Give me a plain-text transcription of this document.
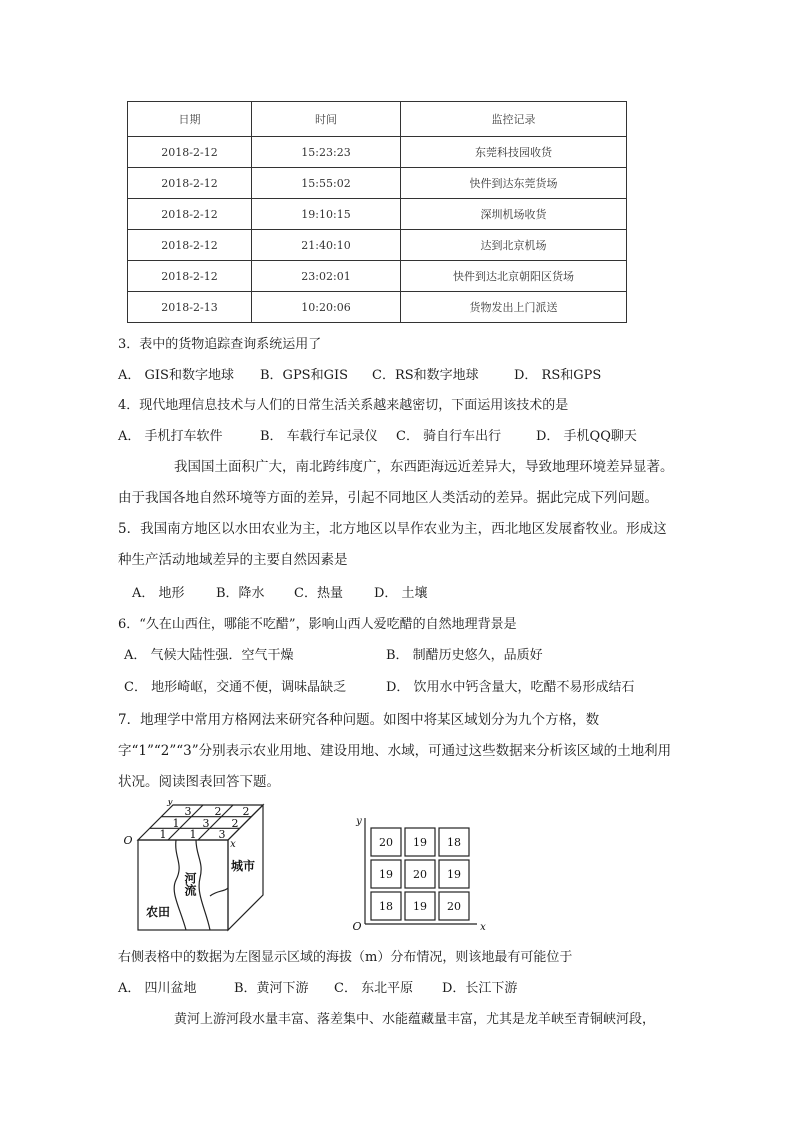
日期	时间	监控记录
2018-2-12	15:23:23	东莞科技园收货
2018-2-12	15:55:02	快件到达东莞货场
2018-2-12	19:10:15	深圳机场收货
2018-2-12	21:40:10	达到北京机场
2018-2-12	23:02:01	快件到达北京朝阳区货场
2018-2-13	10:20:06	货物发出上门派送
3．表中的货物追踪查询系统运用了
A． GIS和数字地球 B．GPS和GIS C．RS和数字地球	D． RS和GPS
4．现代地理信息技术与人们的日常生活关系越来越密切，下面运用该技术的是
A． 手机打车软件	B． 车载行车记录仪 C． 骑自行车出行	D． 手机QQ聊天
我国国土面积广大，南北跨纬度广，东西距海远近差异大，导致地理环境差异显著。由于我国各地自然环境等方面的差异，引起不同地区人类活动的差异。据此完成下列问题。
5．我国南方地区以水田农业为主，北方地区以旱作农业为主，西北地区发展畜牧业。形成这种生产活动地域差异的主要自然因素是
A． 地形 B．降水 C．热量 D． 土壤
6．“久在山西住，哪能不吃醋”，影响山西人爱吃醋的自然地理背景是
A． 气候大陆性强．空气干燥	B． 制醋历史悠久，品质好
C． 地形崎岖，交通不便，调味晶缺乏	D． 饮用水中钙含量大，吃醋不易形成结石
7．地理学中常用方格网法来研究各种问题。如图中将某区域划分为九个方格，数字“1”“2”“3”分别表示农业用地、建设用地、水域，可通过这些数据来分析该区域的土地利用状况。阅读图表回答下题。
3 2 2
1 3 2
1 1 3
y
O	x
城市
农田
河流
20 19 18
19 20 19
18 19 20
y
O	x
右侧表格中的数据为左图显示区域的海拔（m）分布情况，则该地最有可能位于
A． 四川盆地	B．黄河下游 C． 东北平原 D．长江下游
黄河上游河段水量丰富、落差集中、水能蕴藏量丰富，尤其是龙羊峡至青铜峡河段，
